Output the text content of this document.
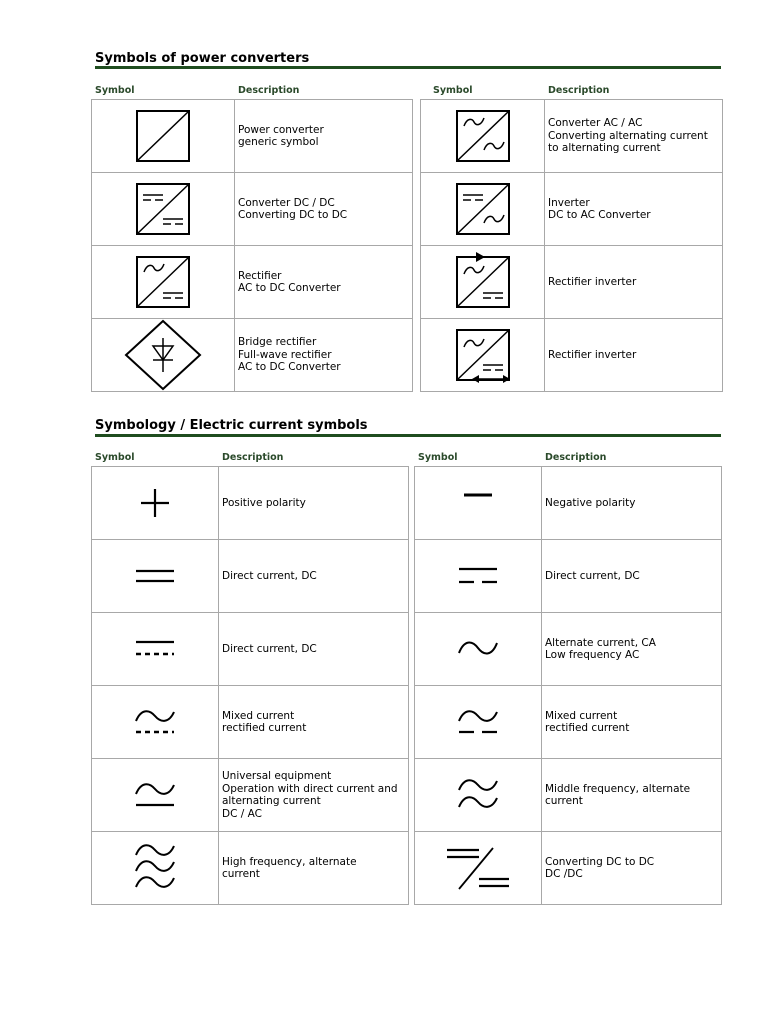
Symbols of power converters
Symbol	Description	Symbol	Description
	Power converter
generic symbol

	Converter DC / DC
Converting DC to DC

	Rectifier
AC to DC Converter

	Bridge rectifier
Full-wave rectifier
AC to DC Converter
	Converter AC / AC
Converting alternating current
to alternating current

	Inverter
DC to AC Converter

	Rectifier inverter

	Rectifier inverter
Symbology / Electric current symbols
Symbol	Description	Symbol	Description
	Positive polarity

	Direct current, DC

	Direct current, DC

	Mixed current
rectified current

	Universal equipment
Operation with direct current and
alternating current
DC / AC

	High frequency, alternate
current
	Negative polarity

	Direct current, DC

	Alternate current, CA
Low frequency AC

	Mixed current
rectified current

	Middle frequency, alternate
current

	Converting DC to DC
DC /DC
